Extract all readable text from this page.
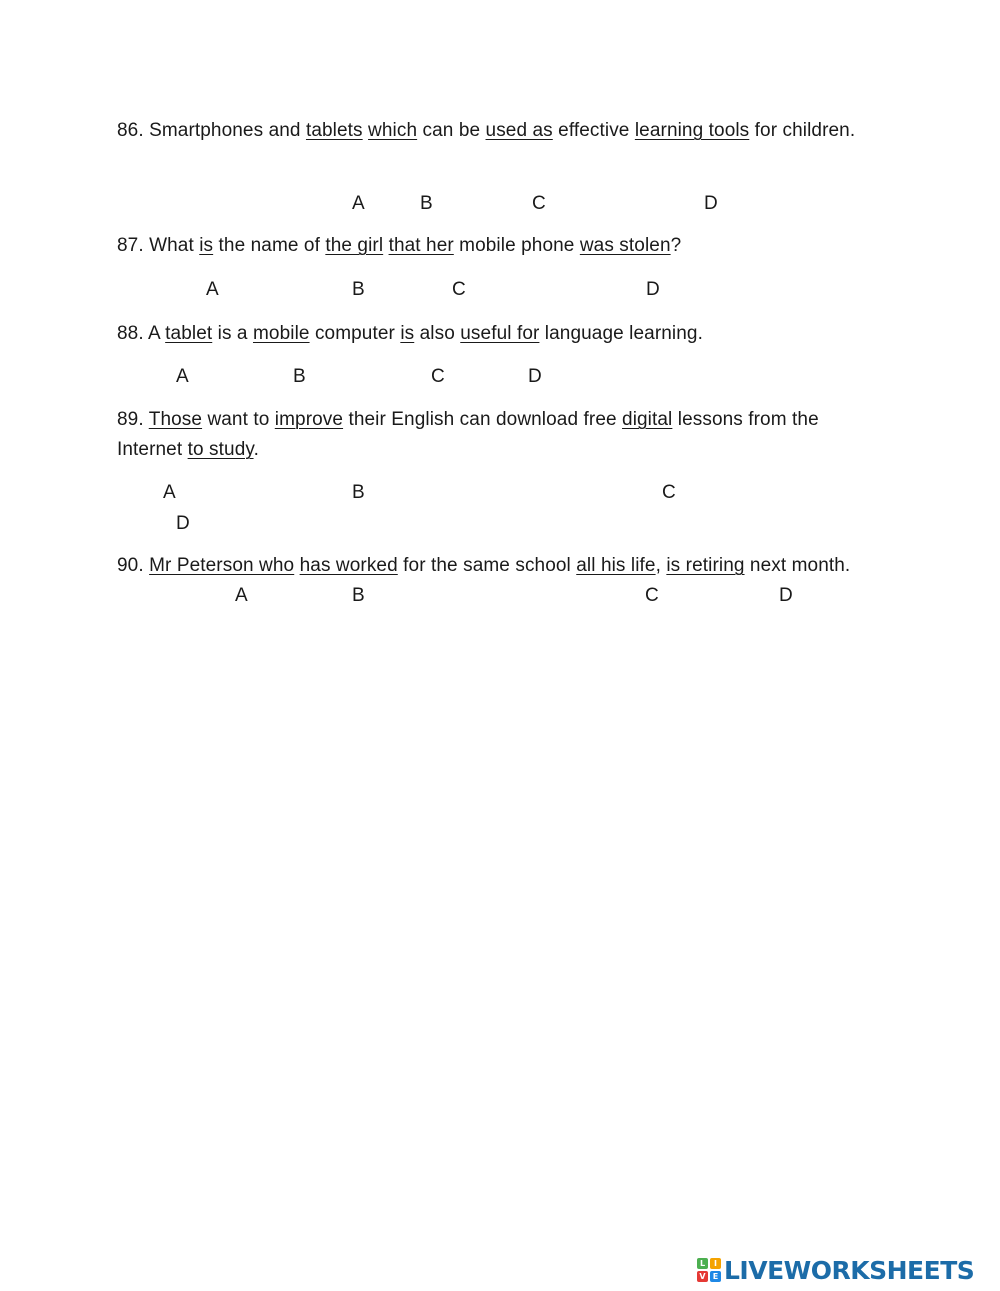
86. Smartphones and tablets which can be used as effective learning tools for children.
A	B	C	D
87. What is the name of the girl that her mobile phone was stolen?
A	B	C	D
88. A tablet is a mobile computer is also useful for language learning.
A	B	C	D
89. Those want to improve their English can download free digital lessons from the Internet to study.
A	B	C
D
90. Mr Peterson who has worked for the same school all his life, is retiring next month.
A	B	C	D
L	I
V E LIVEWORKSHEETS
